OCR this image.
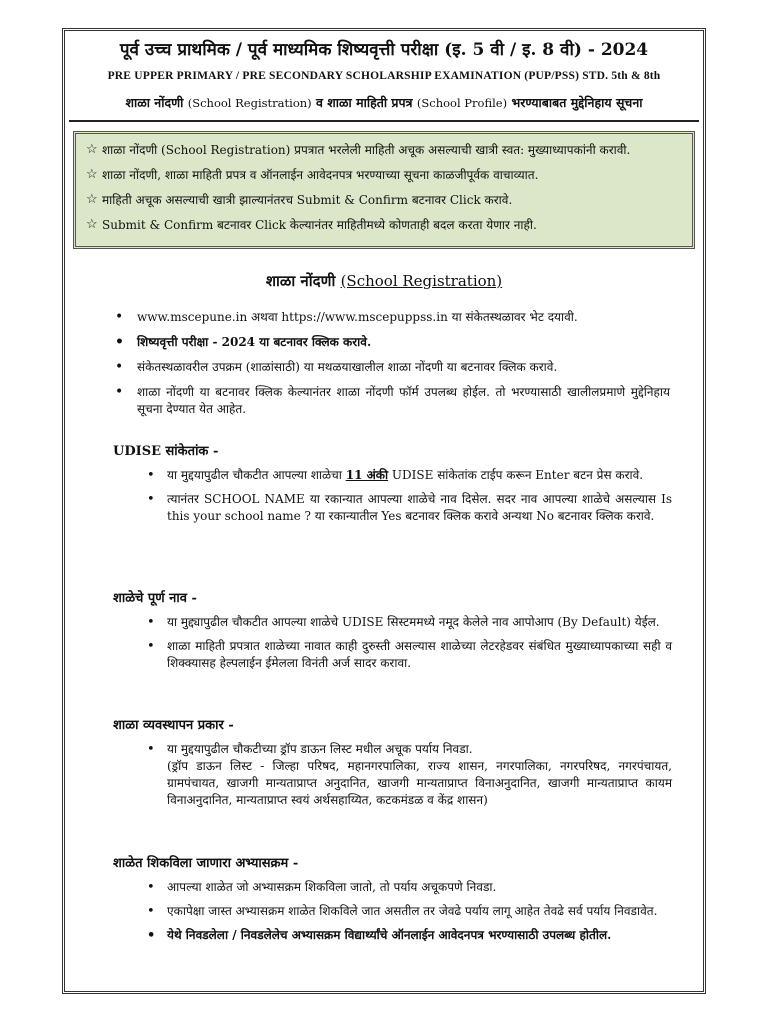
पूर्व उच्च प्राथमिक / पूर्व माध्यमिक शिष्यवृत्ती परीक्षा (इ. 5 वी / इ. 8 वी) - 2024
PRE UPPER PRIMARY / PRE SECONDARY SCHOLARSHIP EXAMINATION (PUP/PSS) STD. 5th & 8th
शाळा नोंदणी (School Registration) व शाळा माहिती प्रपत्र (School Profile) भरण्याबाबत मुद्देनिहाय सूचना
☆ शाळा नोंदणी (School Registration) प्रपत्रात भरलेली माहिती अचूक असल्याची खात्री स्वत: मुख्याध्यापकांनी करावी.
☆ शाळा नोंदणी, शाळा माहिती प्रपत्र व ऑनलाईन आवेदनपत्र भरण्याच्या सूचना काळजीपूर्वक वाचाव्यात.
☆ माहिती अचूक असल्याची खात्री झाल्यानंतरच Submit & Confirm बटनावर Click करावे.
☆ Submit & Confirm बटनावर Click केल्यानंतर माहितीमध्ये कोणताही बदल करता येणार नाही.
शाळा नोंदणी (School Registration)
• www.mscepune.in अथवा https://www.mscepuppss.in या संकेतस्थळावर भेट दयावी.
• शिष्यवृत्ती परीक्षा - 2024 या बटनावर क्लिक करावे.
• संकेतस्थळावरील उपक्रम (शाळांसाठी) या मथळयाखालील शाळा नोंदणी या बटनावर क्लिक करावे.
• शाळा नोंदणी या बटनावर क्लिक केल्यानंतर शाळा नोंदणी फॉर्म उपलब्ध होईल. तो भरण्यासाठी खालीलप्रमाणे मुद्देनिहाय सूचना देण्यात येत आहेत.
UDISE सांकेतांक -
• या मुद्दयापुढील चौकटीत आपल्या शाळेचा 11 अंकी UDISE सांकेतांक टाईप करून Enter बटन प्रेस करावे.
• त्यानंतर SCHOOL NAME या रकान्यात आपल्या शाळेचे नाव दिसेल. सदर नाव आपल्या शाळेचे असल्यास Is this your school name ? या रकान्यातील Yes बटनावर क्लिक करावे अन्यथा No बटनावर क्लिक करावे.
शाळेचे पूर्ण नाव -
• या मुद्द्यापुढील चौकटीत आपल्या शाळेचे UDISE सिस्टममध्ये नमूद केलेले नाव आपोआप (By Default) येईल.
• शाळा माहिती प्रपत्रात शाळेच्या नावात काही दुरुस्ती असल्यास शाळेच्या लेटरहेडवर संबंधित मुख्याध्यापकाच्या सही व शिक्क्यासह हेल्पलाईन ईमेलला विनंती अर्ज सादर करावा.
शाळा व्यवस्थापन प्रकार -
• या मुद्दयापुढील चौकटीच्या ड्रॉप डाऊन लिस्ट मधील अचूक पर्याय निवडा.
(ड्रॉप डाऊन लिस्ट - जिल्हा परिषद, महानगरपालिका, राज्य शासन, नगरपालिका, नगरपरिषद, नगरपंचायत, ग्रामपंचायत, खाजगी मान्यताप्राप्त अनुदानित, खाजगी मान्यताप्राप्त विनाअनुदानित, खाजगी मान्यताप्राप्त कायम विनाअनुदानित, मान्यताप्राप्त स्वयं अर्थसहाय्यित, कटकमंडळ व केंद्र शासन)
शाळेत शिकविला जाणारा अभ्यासक्रम -
• आपल्या शाळेत जो अभ्यासक्रम शिकविला जातो, तो पर्याय अचूकपणे निवडा.
• एकापेक्षा जास्त अभ्यासक्रम शाळेत शिकविले जात असतील तर जेवढे पर्याय लागू आहेत तेवढे सर्व पर्याय निवडावेत.
• येथे निवडलेला / निवडलेलेच अभ्यासक्रम विद्यार्थ्यांचे ऑनलाईन आवेदनपत्र भरण्यासाठी उपलब्ध होतील.
